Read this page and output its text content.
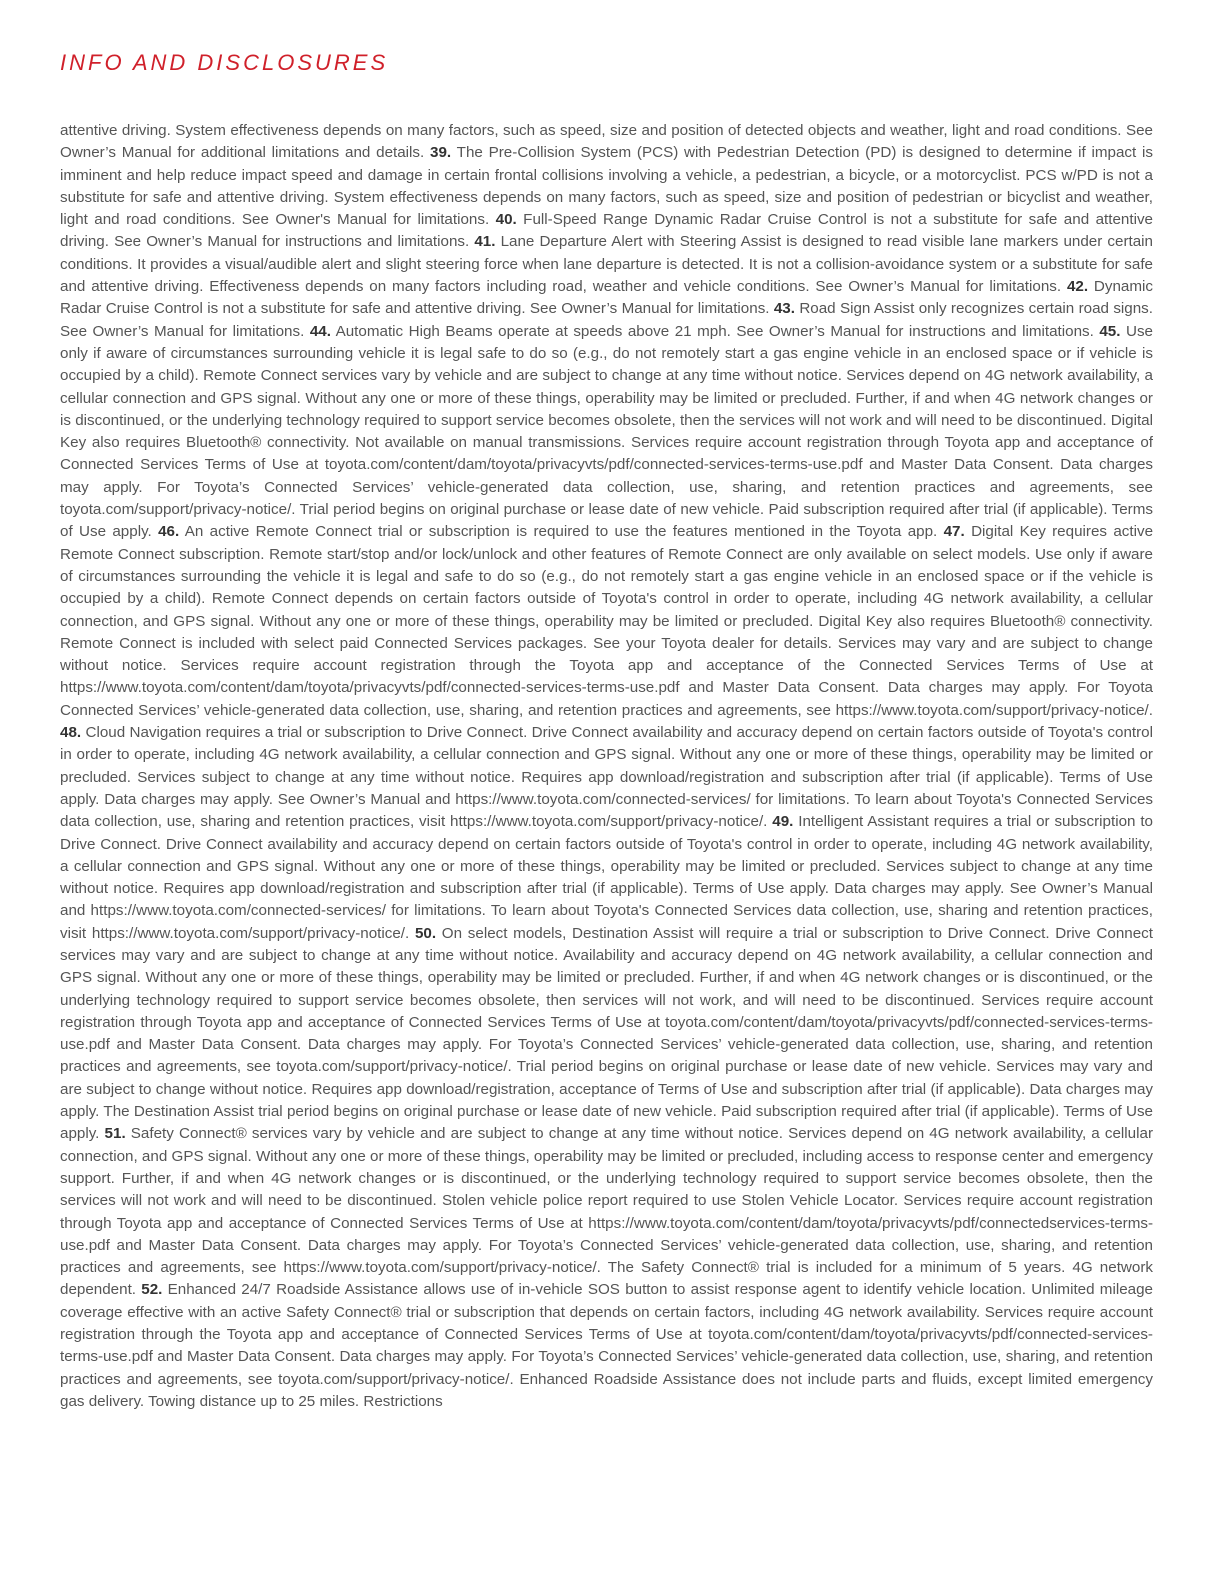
INFO AND DISCLOSURES

attentive driving. System effectiveness depends on many factors, such as speed, size and position of detected objects and weather, light and road conditions. See Owner’s Manual for additional limitations and details. 39. The Pre-Collision System (PCS) with Pedestrian Detection (PD) is designed to determine if impact is imminent and help reduce impact speed and damage in certain frontal collisions involving a vehicle, a pedestrian, a bicycle, or a motorcyclist. PCS w/PD is not a substitute for safe and attentive driving. System effectiveness depends on many factors, such as speed, size and position of pedestrian or bicyclist and weather, light and road conditions. See Owner's Manual for limitations. 40. Full-Speed Range Dynamic Radar Cruise Control is not a substitute for safe and attentive driving. See Owner’s Manual for instructions and limitations. 41. Lane Departure Alert with Steering Assist is designed to read visible lane markers under certain conditions. It provides a visual/audible alert and slight steering force when lane departure is detected. It is not a collision-avoidance system or a substitute for safe and attentive driving. Effectiveness depends on many factors including road, weather and vehicle conditions. See Owner’s Manual for limitations. 42. Dynamic Radar Cruise Control is not a substitute for safe and attentive driving. See Owner’s Manual for limitations. 43. Road Sign Assist only recognizes certain road signs. See Owner’s Manual for limitations. 44. Automatic High Beams operate at speeds above 21 mph. See Owner’s Manual for instructions and limitations. 45. Use only if aware of circumstances surrounding vehicle it is legal safe to do so (e.g., do not remotely start a gas engine vehicle in an enclosed space or if vehicle is occupied by a child). Remote Connect services vary by vehicle and are subject to change at any time without notice. Services depend on 4G network availability, a cellular connection and GPS signal. Without any one or more of these things, operability may be limited or precluded. Further, if and when 4G network changes or is discontinued, or the underlying technology required to support service becomes obsolete, then the services will not work and will need to be discontinued. Digital Key also requires Bluetooth® connectivity. Not available on manual transmissions. Services require account registration through Toyota app and acceptance of Connected Services Terms of Use at toyota.com/content/dam/toyota/privacyvts/pdf/connected-services-terms-use.pdf and Master Data Consent. Data charges may apply. For Toyota’s Connected Services’ vehicle-generated data collection, use, sharing, and retention practices and agreements, see toyota.com/support/privacy-notice/. Trial period begins on original purchase or lease date of new vehicle. Paid subscription required after trial (if applicable). Terms of Use apply. 46. An active Remote Connect trial or subscription is required to use the features mentioned in the Toyota app. 47. Digital Key requires active Remote Connect subscription. Remote start/stop and/or lock/unlock and other features of Remote Connect are only available on select models. Use only if aware of circumstances surrounding the vehicle it is legal and safe to do so (e.g., do not remotely start a gas engine vehicle in an enclosed space or if the vehicle is occupied by a child). Remote Connect depends on certain factors outside of Toyota's control in order to operate, including 4G network availability, a cellular connection, and GPS signal. Without any one or more of these things, operability may be limited or precluded. Digital Key also requires Bluetooth® connectivity. Remote Connect is included with select paid Connected Services packages. See your Toyota dealer for details. Services may vary and are subject to change without notice. Services require account registration through the Toyota app and acceptance of the Connected Services Terms of Use at https://www.toyota.com/content/dam/toyota/privacyvts/pdf/connected-services-terms-use.pdf and Master Data Consent. Data charges may apply. For Toyota Connected Services’ vehicle-generated data collection, use, sharing, and retention practices and agreements, see https://www.toyota.com/support/privacy-notice/. 48. Cloud Navigation requires a trial or subscription to Drive Connect. Drive Connect availability and accuracy depend on certain factors outside of Toyota's control in order to operate, including 4G network availability, a cellular connection and GPS signal. Without any one or more of these things, operability may be limited or precluded. Services subject to change at any time without notice. Requires app download/registration and subscription after trial (if applicable). Terms of Use apply. Data charges may apply. See Owner’s Manual and https://www.toyota.com/connected-services/ for limitations. To learn about Toyota's Connected Services data collection, use, sharing and retention practices, visit https://www.toyota.com/support/privacy-notice/. 49. Intelligent Assistant requires a trial or subscription to Drive Connect. Drive Connect availability and accuracy depend on certain factors outside of Toyota's control in order to operate, including 4G network availability, a cellular connection and GPS signal. Without any one or more of these things, operability may be limited or precluded. Services subject to change at any time without notice. Requires app download/registration and subscription after trial (if applicable). Terms of Use apply. Data charges may apply. See Owner’s Manual and https://www.toyota.com/connected-services/ for limitations. To learn about Toyota's Connected Services data collection, use, sharing and retention practices, visit https://www.toyota.com/support/privacy-notice/. 50. On select models, Destination Assist will require a trial or subscription to Drive Connect. Drive Connect services may vary and are subject to change at any time without notice. Availability and accuracy depend on 4G network availability, a cellular connection and GPS signal. Without any one or more of these things, operability may be limited or precluded. Further, if and when 4G network changes or is discontinued, or the underlying technology required to support service becomes obsolete, then services will not work, and will need to be discontinued. Services require account registration through Toyota app and acceptance of Connected Services Terms of Use at toyota.com/content/dam/toyota/privacyvts/pdf/connected-services-terms-use.pdf and Master Data Consent. Data charges may apply. For Toyota’s Connected Services’ vehicle-generated data collection, use, sharing, and retention practices and agreements, see toyota.com/support/privacy-notice/. Trial period begins on original purchase or lease date of new vehicle. Services may vary and are subject to change without notice. Requires app download/registration, acceptance of Terms of Use and subscription after trial (if applicable). Data charges may apply. The Destination Assist trial period begins on original purchase or lease date of new vehicle. Paid subscription required after trial (if applicable). Terms of Use apply. 51. Safety Connect® services vary by vehicle and are subject to change at any time without notice. Services depend on 4G network availability, a cellular connection, and GPS signal. Without any one or more of these things, operability may be limited or precluded, including access to response center and emergency support. Further, if and when 4G network changes or is discontinued, or the underlying technology required to support service becomes obsolete, then the services will not work and will need to be discontinued. Stolen vehicle police report required to use Stolen Vehicle Locator. Services require account registration through Toyota app and acceptance of Connected Services Terms of Use at https://www.toyota.com/content/dam/toyota/privacyvts/pdf/connectedservices-terms-use.pdf and Master Data Consent. Data charges may apply. For Toyota’s Connected Services’ vehicle-generated data collection, use, sharing, and retention practices and agreements, see https://www.toyota.com/support/privacy-notice/. The Safety Connect® trial is included for a minimum of 5 years. 4G network dependent. 52. Enhanced 24/7 Roadside Assistance allows use of in-vehicle SOS button to assist response agent to identify vehicle location. Unlimited mileage coverage effective with an active Safety Connect® trial or subscription that depends on certain factors, including 4G network availability. Services require account registration through the Toyota app and acceptance of Connected Services Terms of Use at toyota.com/content/dam/toyota/privacyvts/pdf/connected-services-terms-use.pdf and Master Data Consent. Data charges may apply. For Toyota’s Connected Services’ vehicle-generated data collection, use, sharing, and retention practices and agreements, see toyota.com/support/privacy-notice/. Enhanced Roadside Assistance does not include parts and fluids, except limited emergency gas delivery. Towing distance up to 25 miles. Restrictions
